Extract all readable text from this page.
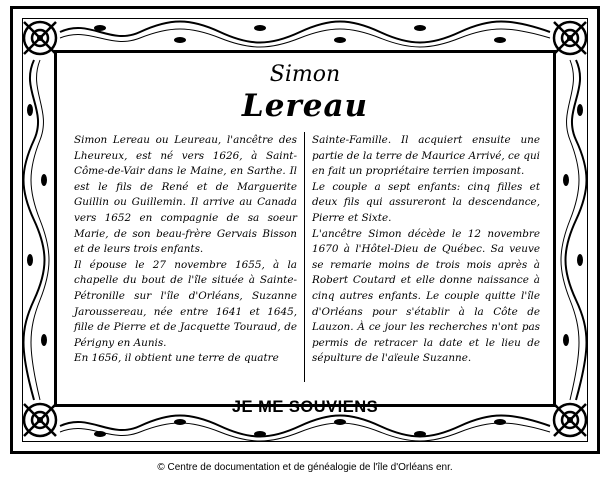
Simon
Lereau

Simon Lereau ou Leureau, l'ancêtre des Lheureux, est né vers 1626, à Saint-Côme-de-Vair dans le Maine, en Sarthe. Il est le fils de René et de Marguerite Guillin ou Guillemin. Il arrive au Canada vers 1652 en compagnie de sa soeur Marie, de son beau-frère Gervais Bisson et de leurs trois enfants.

Il épouse le 27 novembre 1655, à la chapelle du bout de l'île située à Sainte-Pétronille sur l'île d'Orléans, Suzanne Jaroussereau, née entre 1641 et 1645, fille de Pierre et de Jacquette Touraud, de Périgny en Aunis.

En 1656, il obtient une terre de quatre

Sainte-Famille. Il acquiert ensuite une partie de la terre de Maurice Arrivé, ce qui en fait un propriétaire terrien imposant.

Le couple a sept enfants: cinq filles et deux fils qui assureront la descendance, Pierre et Sixte.

L'ancêtre Simon décède le 12 novembre 1670 à l'Hôtel-Dieu de Québec. Sa veuve se remarie moins de trois mois après à Robert Coutard et elle donne naissance à cinq autres enfants. Le couple quitte l'île d'Orléans pour s'établir à la Côte de Lauzon. À ce jour les recherches n'ont pas permis de retracer la date et le lieu de sépulture de l'aïeule Suzanne.

JE ME SOUVIENS
© Centre de documentation et de généalogie de l'île d'Orléans enr.
